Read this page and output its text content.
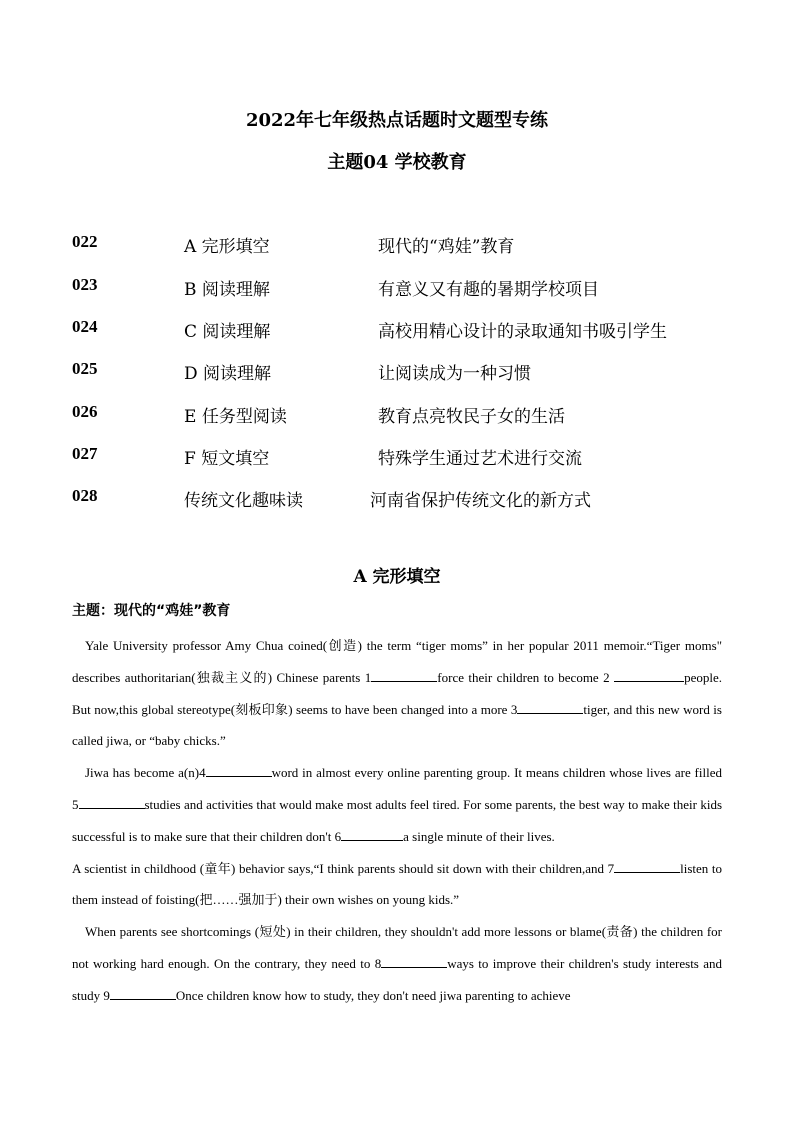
2022年七年级热点话题时文题型专练
主题04 学校教育
022	A 完形填空	现代的“鸡娃”教育
023	B 阅读理解	有意义又有趣的暑期学校项目
024	C 阅读理解	高校用精心设计的录取通知书吸引学生
025	D 阅读理解	让阅读成为一种习惯
026	E 任务型阅读	教育点亮牧民子女的生活
027	F 短文填空	特殊学生通过艺术进行交流
028	传统文化趣味读	河南省保护传统文化的新方式
A 完形填空
主题：现代的“鸡娃”教育

Yale University professor Amy Chua coined(创造) the term “tiger moms” in her popular 2011 memoir.“Tiger moms" describes authoritarian(独裁主义的) Chinese parents 1	force their children to become 2	people. But now,this global stereotype(刻板印象) seems to have been changed into a more 3	tiger, and this new word is called jiwa, or “baby chicks.”

Jiwa has become a(n)4	word in almost every online parenting group. It means children whose lives are filled 5	studies and activities that would make most adults feel tired. For some parents, the best way to make their kids successful is to make sure that their children don't 6	a single minute of their lives.

A scientist in childhood (童年) behavior says,“I think parents should sit down with their children,and 7	listen to them instead of foisting(把……强加于) their own wishes on young kids.”

When parents see shortcomings (短处) in their children, they shouldn't add more lessons or blame(责备) the children for not working hard enough. On the contrary, they need to 8	ways to improve their children's study interests and study 9	Once children know how to study, they don't need jiwa parenting to achieve
